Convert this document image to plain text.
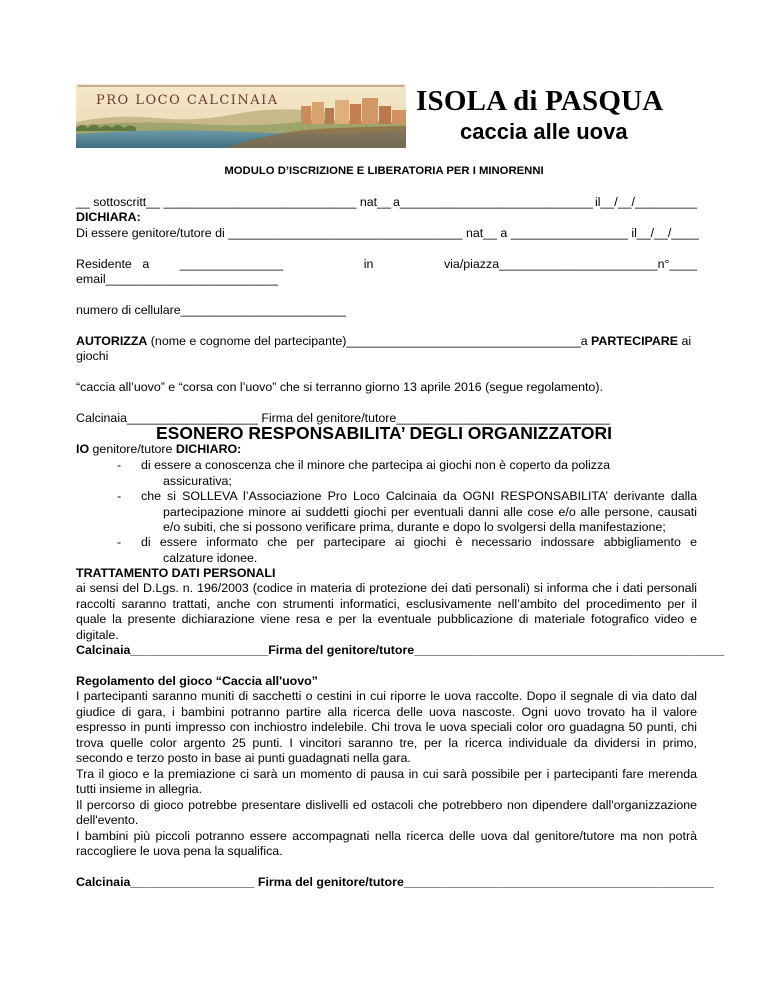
PRO LOCO CALCINAIA	ISOLA di PASQUA
caccia alle uova
MODULO D’ISCRIZIONE E LIBERATORIA PER I MINORENNI
__ sottoscritt__ ____________________________ nat__ a____________________________ il__/__/_________
DICHIARA:
Di essere genitore/tutore di __________________________________ nat__ a _________________ il__/__/____
Residente a _______________	in	via/piazza_______________________n°____
email_________________________
numero di cellulare________________________
AUTORIZZA (nome e cognome del partecipante)__________________________________a PARTECIPARE ai
giochi
“caccia all’uovo” e “corsa con l’uovo” che si terranno giorno 13 aprile 2016 (segue regolamento).
Calcinaia___________________ Firma del genitore/tutore_______________________________
ESONERO RESPONSABILITA’ DEGLI ORGANIZZATORI
IO genitore/tutore DICHIARO:
- di essere a conoscenza che il minore che partecipa ai giochi non è coperto da polizza
assicurativa;
- che si SOLLEVA l’Associazione Pro Loco Calcinaia da OGNI RESPONSABILITA’ derivante dalla
partecipazione minore ai suddetti giochi per eventuali danni alle cose e/o alle persone, causati
e/o subiti, che si possono verificare prima, durante e dopo lo svolgersi della manifestazione;
- di essere informato che per partecipare ai giochi è necessario indossare abbigliamento e
calzature idonee.
TRATTAMENTO DATI PERSONALI
ai sensi del D.Lgs. n. 196/2003 (codice in materia di protezione dei dati personali) si informa che i dati personali
raccolti saranno trattati, anche con strumenti informatici, esclusivamente nell’ambito del procedimento per il
quale la presente dichiarazione viene resa e per la eventuale pubblicazione di materiale fotografico video e
digitale.
Calcinaia____________________Firma del genitore/tutore_____________________________________________
Regolamento del gioco “Caccia all'uovo”
I partecipanti saranno muniti di sacchetti o cestini in cui riporre le uova raccolte. Dopo il segnale di via dato dal
giudice di gara, i bambini potranno partire alla ricerca delle uova nascoste. Ogni uovo trovato ha il valore
espresso in punti impresso con inchiostro indelebile. Chi trova le uova speciali color oro guadagna 50 punti, chi
trova quelle color argento 25 punti. I vincitori saranno tre, per la ricerca individuale da dividersi in primo,
secondo e terzo posto in base ai punti guadagnati nella gara.
Tra il gioco e la premiazione ci sarà un momento di pausa in cui sarà possibile per i partecipanti fare merenda
tutti insieme in allegria.
Il percorso di gioco potrebbe presentare dislivelli ed ostacoli che potrebbero non dipendere dall'organizzazione
dell'evento.
I bambini più piccoli potranno essere accompagnati nella ricerca delle uova dal genitore/tutore ma non potrà
raccogliere le uova pena la squalifica.
Calcinaia__________________ Firma del genitore/tutore_____________________________________________
